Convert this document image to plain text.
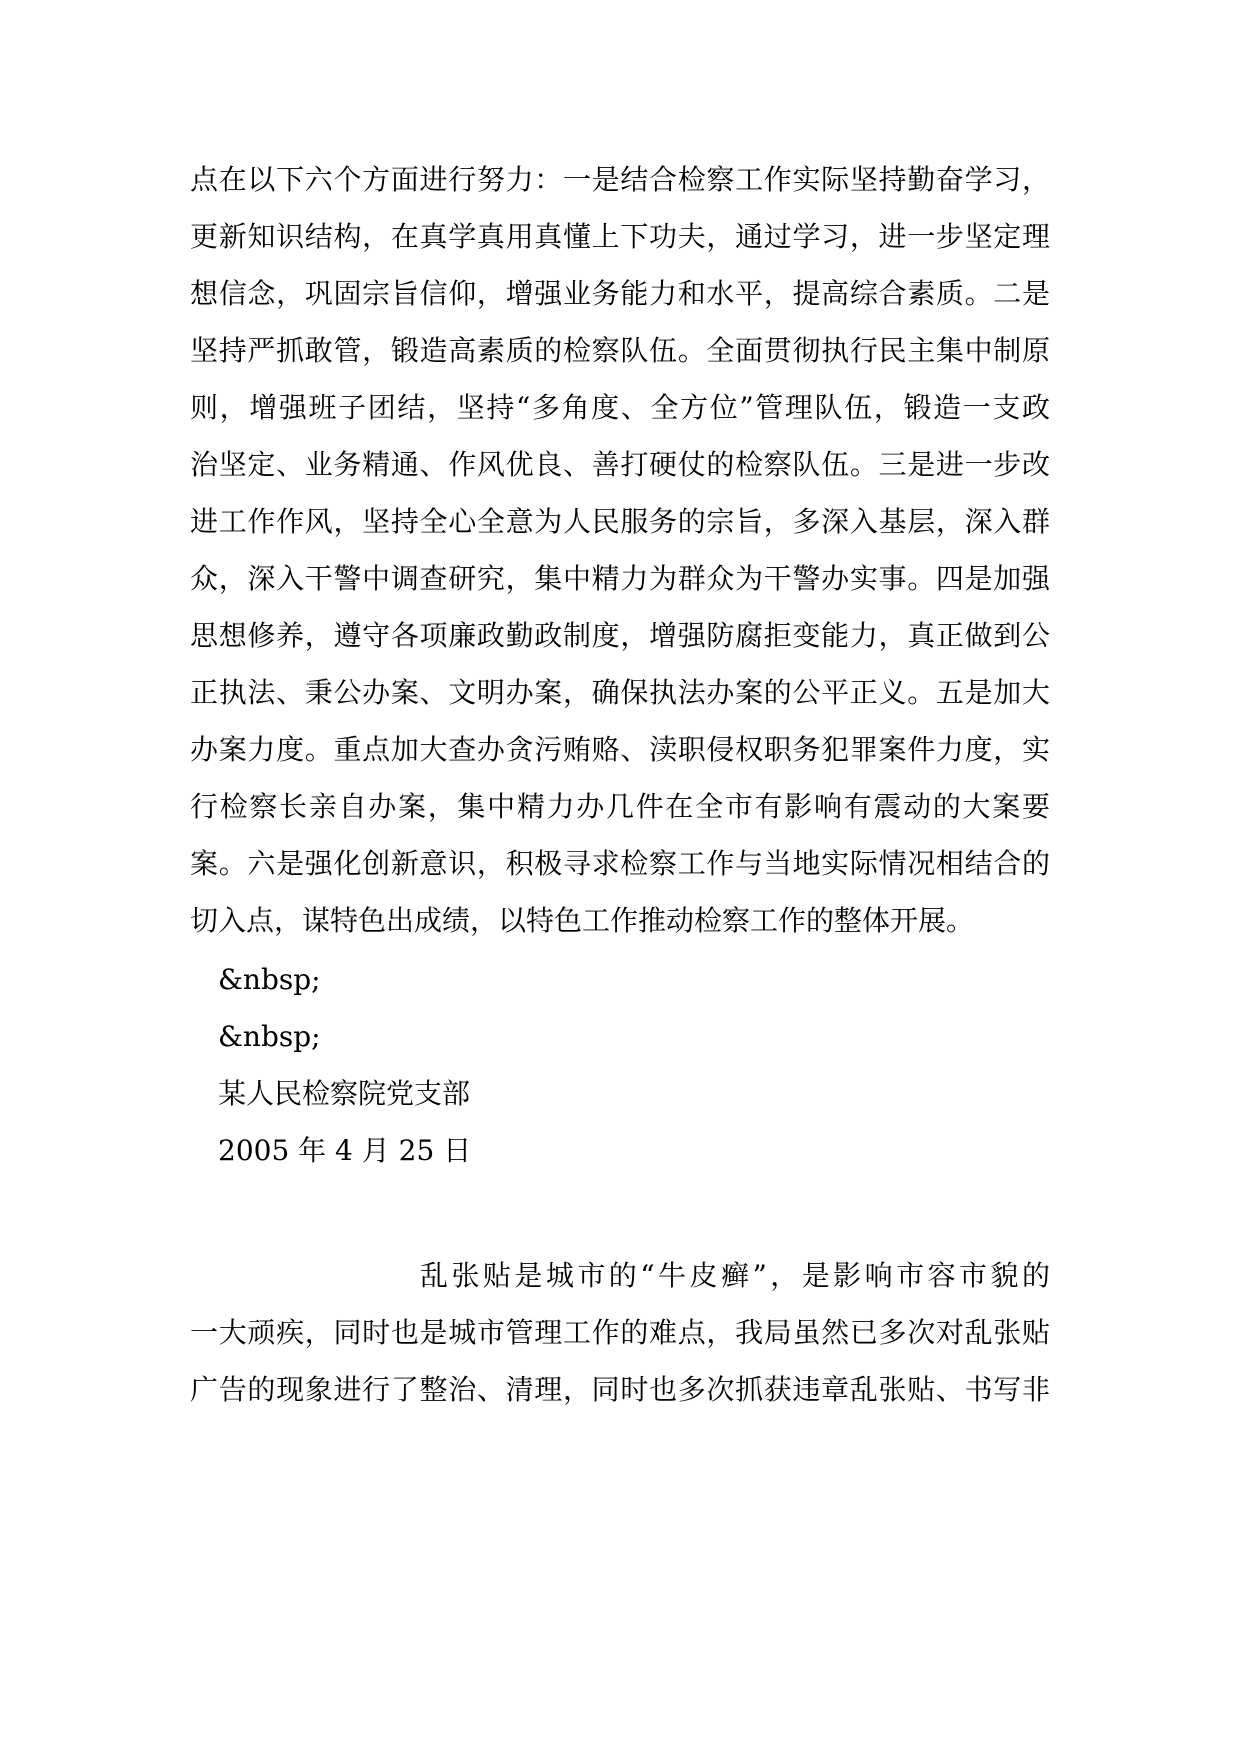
点在以下六个方面进行努力：一是结合检察工作实际坚持勤奋学习，
更新知识结构，在真学真用真懂上下功夫，通过学习，进一步坚定理
想信念，巩固宗旨信仰，增强业务能力和水平，提高综合素质。二是
坚持严抓敢管，锻造高素质的检察队伍。全面贯彻执行民主集中制原
则，增强班子团结，坚持“多角度、全方位”管理队伍，锻造一支政
治坚定、业务精通、作风优良、善打硬仗的检察队伍。三是进一步改
进工作作风，坚持全心全意为人民服务的宗旨，多深入基层，深入群
众，深入干警中调查研究，集中精力为群众为干警办实事。四是加强
思想修养，遵守各项廉政勤政制度，增强防腐拒变能力，真正做到公
正执法、秉公办案、文明办案，确保执法办案的公平正义。五是加大
办案力度。重点加大查办贪污贿赂、渎职侵权职务犯罪案件力度，实
行检察长亲自办案，集中精力办几件在全市有影响有震动的大案要
案。六是强化创新意识，积极寻求检察工作与当地实际情况相结合的
切入点，谋特色出成绩，以特色工作推动检察工作的整体开展。
&nbsp;
&nbsp;
某人民检察院党支部
2005 年 4 月 25 日
乱张贴是城市的“牛皮癣”，是影响市容市貌的
一大顽疾，同时也是城市管理工作的难点，我局虽然已多次对乱张贴
广告的现象进行了整治、清理，同时也多次抓获违章乱张贴、书写非
